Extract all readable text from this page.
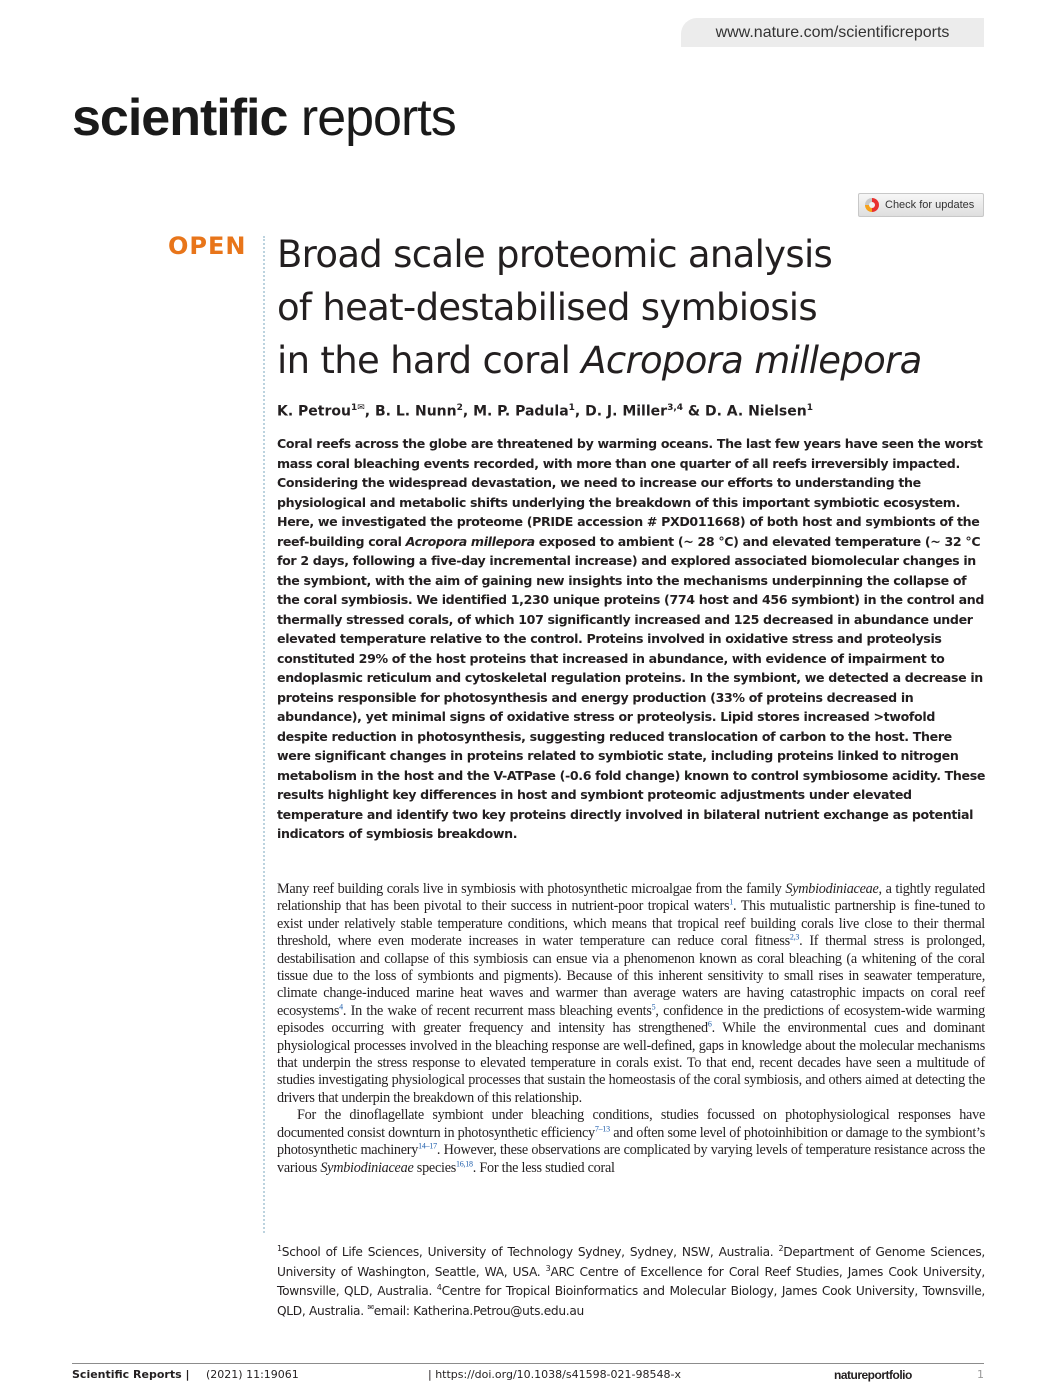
www.nature.com/scientificreports
scientific reports
Check for updates
OPEN Broad scale proteomic analysis
of heat-destabilised symbiosis
in the hard coral Acropora millepora
K. Petrou$^{1✉}$, B. L. Nunn$^2$, M. P. Padula$^1$, D. J. Miller$^{3,4}$ & D. A. Nielsen$^1$

Coral reefs across the globe are threatened by warming oceans. The last few years have seen the worst mass coral bleaching events recorded, with more than one quarter of all reefs irreversibly impacted. Considering the widespread devastation, we need to increase our efforts to understanding the physiological and metabolic shifts underlying the breakdown of this important symbiotic ecosystem. Here, we investigated the proteome (PRIDE accession # PXD011668) of both host and symbionts of the reef-building coral Acropora millepora exposed to ambient (~ 28 °C) and elevated temperature (~ 32 °C for 2 days, following a five-day incremental increase) and explored associated biomolecular changes in the symbiont, with the aim of gaining new insights into the mechanisms underpinning the collapse of the coral symbiosis. We identified 1,230 unique proteins (774 host and 456 symbiont) in the control and thermally stressed corals, of which 107 significantly increased and 125 decreased in abundance under elevated temperature relative to the control. Proteins involved in oxidative stress and proteolysis constituted 29% of the host proteins that increased in abundance, with evidence of impairment to endoplasmic reticulum and cytoskeletal regulation proteins. In the symbiont, we detected a decrease in proteins responsible for photosynthesis and energy production (33% of proteins decreased in abundance), yet minimal signs of oxidative stress or proteolysis. Lipid stores increased >twofold despite reduction in photosynthesis, suggesting reduced translocation of carbon to the host. There were significant changes in proteins related to symbiotic state, including proteins linked to nitrogen metabolism in the host and the V-ATPase (-0.6 fold change) known to control symbiosome acidity. These results highlight key differences in host and symbiont proteomic adjustments under elevated temperature and identify two key proteins directly involved in bilateral nutrient exchange as potential indicators of symbiosis breakdown.

Many reef building corals live in symbiosis with photosynthetic microalgae from the family Symbiodiniaceae, a tightly regulated relationship that has been pivotal to their success in nutrient-poor tropical waters$^1$. This mutualistic partnership is fine-tuned to exist under relatively stable temperature conditions, which means that tropical reef building corals live close to their thermal threshold, where even moderate increases in water temperature can reduce coral fitness$^{2,3}$. If thermal stress is prolonged, destabilisation and collapse of this symbiosis can ensue via a phenomenon known as coral bleaching (a whitening of the coral tissue due to the loss of symbionts and pigments). Because of this inherent sensitivity to small rises in seawater temperature, climate change-induced marine heat waves and warmer than average waters are having catastrophic impacts on coral reef ecosystems$^4$. In the wake of recent recurrent mass bleaching events$^5$, confidence in the predictions of ecosystem-wide warming episodes occurring with greater frequency and intensity has strengthened$^6$. While the environmental cues and dominant physiological processes involved in the bleaching response are well-defined, gaps in knowledge about the molecular mechanisms that underpin the stress response to elevated temperature in corals exist. To that end, recent decades have seen a multitude of studies investigating physiological processes that sustain the homeostasis of the coral symbiosis, and others aimed at detecting the drivers that underpin the breakdown of this relationship.

For the dinoflagellate symbiont under bleaching conditions, studies focussed on photophysiological responses have documented consist downturn in photosynthetic efficiency$^{7-13}$ and often some level of photoinhibition or damage to the symbiont’s photosynthetic machinery$^{14-17}$. However, these observations are complicated by varying levels of temperature resistance across the various Symbiodiniaceae species$^{16,18}$. For the less studied coral

$^1$School of Life Sciences, University of Technology Sydney, Sydney, NSW, Australia. $^2$Department of Genome Sciences, University of Washington, Seattle, WA, USA. $^3$ARC Centre of Excellence for Coral Reef Studies, James Cook University, Townsville, QLD, Australia. $^4$Centre for Tropical Bioinformatics and Molecular Biology, James Cook University, Townsville, QLD, Australia. ✉email: Katherina.Petrou@uts.edu.au

Scientific Reports | (2021) 11:19061	| https://doi.org/10.1038/s41598-021-98548-x	natureportfolio	1
